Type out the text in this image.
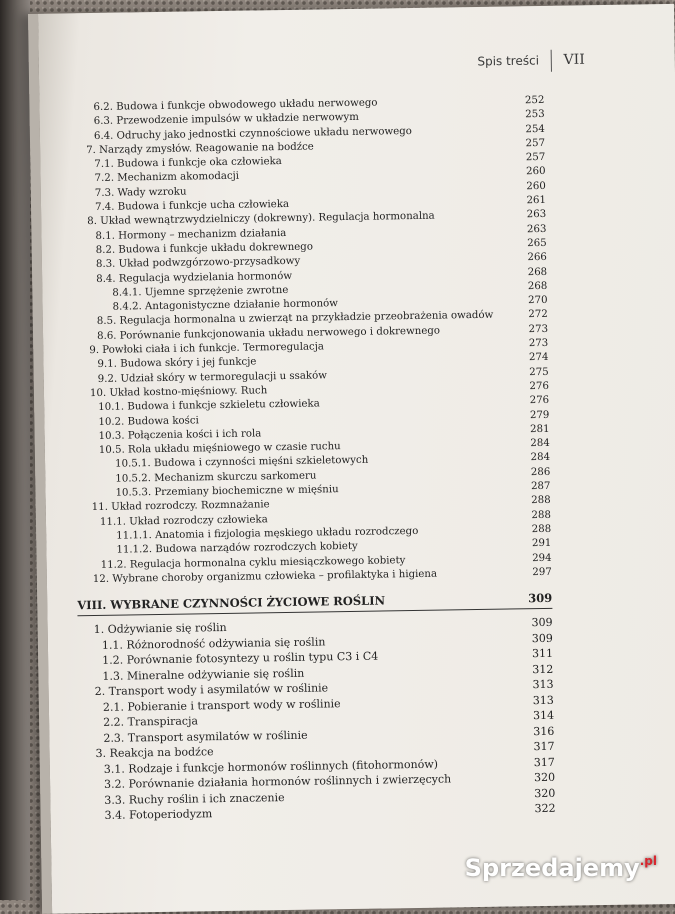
Spis treści VII
6.2. Budowa i funkcje obwodowego układu nerwowego	252
6.3. Przewodzenie impulsów w układzie nerwowym	253
6.4. Odruchy jako jednostki czynnościowe układu nerwowego	254
7. Narządy zmysłów. Reagowanie na bodźce	257
7.1. Budowa i funkcje oka człowieka	257
7.2. Mechanizm akomodacji	260
7.3. Wady wzroku	260
7.4. Budowa i funkcje ucha człowieka	261
8. Układ wewnątrzwydzielniczy (dokrewny). Regulacja hormonalna	263
8.1. Hormony – mechanizm działania	263
8.2. Budowa i funkcje układu dokrewnego	265
8.3. Układ podwzgórzowo-przysadkowy	266
8.4. Regulacja wydzielania hormonów	268
8.4.1. Ujemne sprzężenie zwrotne	268
8.4.2. Antagonistyczne działanie hormonów	270
8.5. Regulacja hormonalna u zwierząt na przykładzie przeobrażenia owadów	272
8.6. Porównanie funkcjonowania układu nerwowego i dokrewnego	273
9. Powłoki ciała i ich funkcje. Termoregulacja	273
9.1. Budowa skóry i jej funkcje	274
9.2. Udział skóry w termoregulacji u ssaków	275
10. Układ kostno-mięśniowy. Ruch	276
10.1. Budowa i funkcje szkieletu człowieka	276
10.2. Budowa kości	279
10.3. Połączenia kości i ich rola	281
10.5. Rola układu mięśniowego w czasie ruchu	284
10.5.1. Budowa i czynności mięśni szkieletowych	284
10.5.2. Mechanizm skurczu sarkomeru	286
10.5.3. Przemiany biochemiczne w mięśniu	287
11. Układ rozrodczy. Rozmnażanie	288
11.1. Układ rozrodczy człowieka	288
11.1.1. Anatomia i fizjologia męskiego układu rozrodczego	288
11.1.2. Budowa narządów rozrodczych kobiety	291
11.2. Regulacja hormonalna cyklu miesiączkowego kobiety	294
12. Wybrane choroby organizmu człowieka – profilaktyka i higiena	297
VIII. WYBRANE CZYNNOŚCI ŻYCIOWE ROŚLIN	309
1. Odżywianie się roślin	309
1.1. Różnorodność odżywiania się roślin	309
1.2. Porównanie fotosyntezy u roślin typu C3 i C4	311
1.3. Mineralne odżywianie się roślin	312
2. Transport wody i asymilatów w roślinie	313
2.1. Pobieranie i transport wody w roślinie	313
2.2. Transpiracja	314
2.3. Transport asymilatów w roślinie	316
3. Reakcja na bodźce	317
3.1. Rodzaje i funkcje hormonów roślinnych (fitohormonów)	317
3.2. Porównanie działania hormonów roślinnych i zwierzęcych	320
3.3. Ruchy roślin i ich znaczenie	320
3.4. Fotoperiodyzm	322
Sprzedajemy$^{.pl}$
